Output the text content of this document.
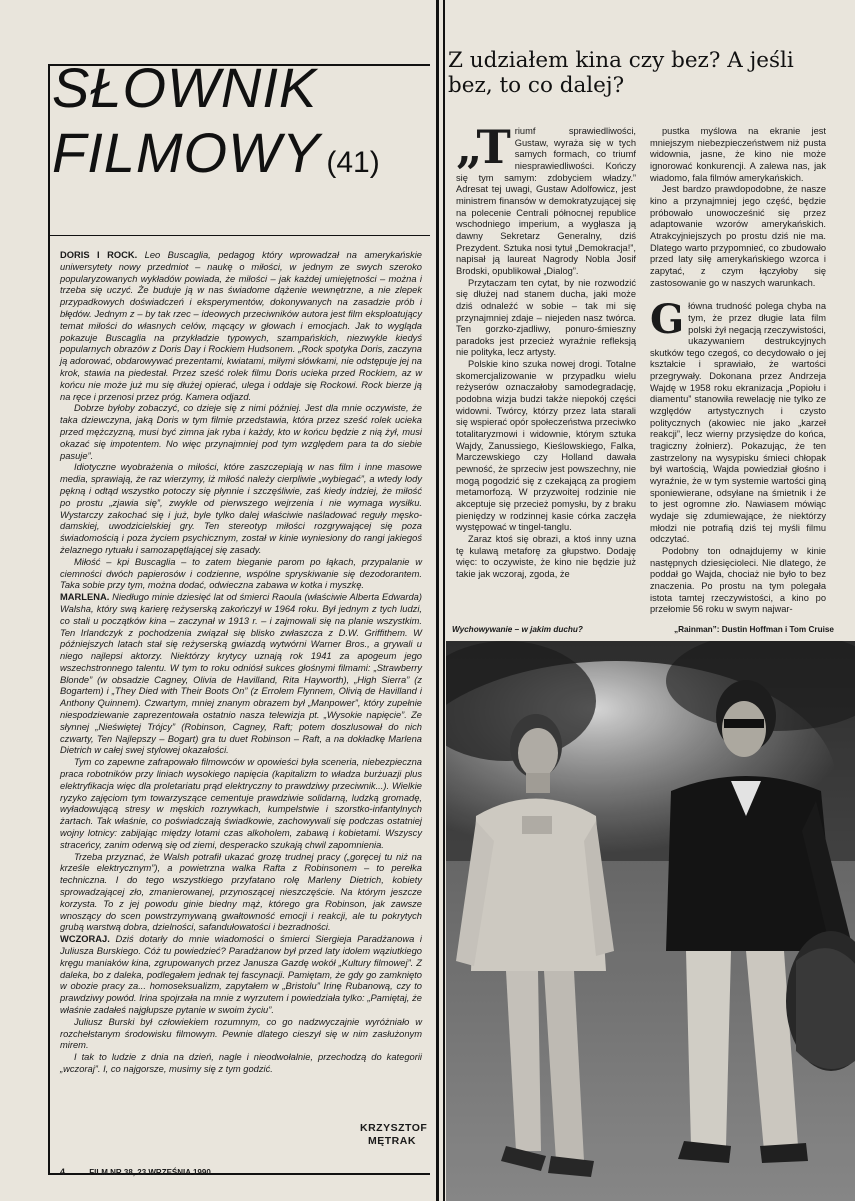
SŁOWNIK
FILMOWY (41)

DORIS I ROCK. Leo Buscaglia, pedagog który wprowadzał na amerykańskie uniwersytety nowy przedmiot – naukę o miłości, w jednym ze swych szeroko popularyzowanych wykładów powiada, że miłości – jak każdej umiejętności – można i trzeba się uczyć. Że buduje ją w nas świadome dążenie wewnętrzne, a nie zlepek przypadkowych doświadczeń i eksperymentów, dokonywanych na zasadzie prób i błędów. Jednym z – by tak rzec – ideowych przeciwników autora jest film eksploatujący temat miłości do własnych celów, mącący w głowach i emocjach. Jak to wygląda pokazuje Buscaglia na przykładzie typowych, szampańskich, niezwykle kiedyś popularnych obrazów z Doris Day i Rockiem Hudsonem. „Rock spotyka Doris, zaczyna ją adorować, obdarowywać prezentami, kwiatami, miłymi słówkami, nie odstępuje jej na krok, stawia na piedestał. Przez sześć rolek filmu Doris ucieka przed Rockiem, az w końcu nie może już mu się dłużej opierać, ulega i oddaje się Rockowi. Rock bierze ją na ręce i przenosi przez próg. Kamera odjazd.

Dobrze byłoby zobaczyć, co dzieje się z nimi później. Jest dla mnie oczywiste, że taka dziewczyna, jaką Doris w tym filmie przedstawia, która przez sześć rolek ucieka przed mężczyzną, musi być zimna jak ryba i każdy, kto w końcu będzie z nią żył, musi okazać się impotentem. No więc przynajmniej pod tym względem para ta do siebie pasuje”.

Idiotyczne wyobrażenia o miłości, które zaszczepiają w nas film i inne masowe media, sprawiają, że raz wierzymy, iż miłość należy cierpliwie „wybiegać”, a wtedy lody pękną i odtąd wszystko potoczy się płynnie i szczęśliwie, zaś kiedy indziej, że miłość po prostu „zjawia się”, zwykle od pierwszego wejrzenia i nie wymaga wysiłku. Wystarczy zakochać się i już, byle tylko dalej właściwie naśladować reguły męsko-damskiej, uwodzicielskiej gry. Ten stereotyp miłości rozgrywającej się poza świadomością i poza życiem psychicznym, został w kinie wyniesiony do rangi jakiegoś żelaznego rytuału i samozapętlającej się zasady.

Miłość – kpi Buscaglia – to zatem bieganie parom po łąkach, przypalanie w ciemności dwóch papierosów i codzienne, wspólne spryskiwanie się dezodorantem. Taka sobie przy tym, można dodać, odwieczna zabawa w kotka i myszkę.

MARLENA. Niedługo minie dziesięć lat od śmierci Raoula (właściwie Alberta Edwarda) Walsha, który swą karierę reżyserską zakończył w 1964 roku. Był jednym z tych ludzi, co stali u początków kina – zaczynał w 1913 r. – i zajmowali się na planie wszystkim. Ten Irlandczyk z pochodzenia związał się blisko zwłaszcza z D.W. Griffithem. W późniejszych latach stał się reżyserską gwiazdą wytwórni Warner Bros., a grywali u niego najlepsi aktorzy. Niektórzy krytycy uznają rok 1941 za apogeum jego wszechstronnego talentu. W tym to roku odniósł sukces głośnymi filmami: „Strawberry Blonde” (w obsadzie Cagney, Olivia de Havilland, Rita Hayworth), „High Sierra” (z Bogartem) i „They Died with Their Boots On” (z Errolem Flynnem, Olivią de Havilland i Anthony Quinnem). Czwartym, mniej znanym obrazem był „Manpower”, który zupełnie niespodziewanie zaprezentowała ostatnio nasza telewizja pt. „Wysokie napięcie”. Ze słynnej „Nieświętej Trójcy” (Robinson, Cagney, Raft; potem doszlusował do nich czwarty, Ten Najlepszy – Bogart) gra tu duet Robinson – Raft, a na dokładkę Marlena Dietrich w całej swej stylowej okazałości.

Tym co zapewne zafrapowało filmowców w opowieści była sceneria, niebezpieczna praca robotników przy liniach wysokiego napięcia (kapitalizm to władza burżuazji plus elektryfikacja więc dla proletariatu prąd elektryczny to prawdziwy przeciwnik...). Wielkie ryzyko zajęciom tym towarzyszące cementuje prawdziwie solidarną, ludzką gromadę, wyładowującą stresy w męskich rozrywkach, kumpelstwie i szorstko-infantylnych żartach. Tak właśnie, co poświadczają świadkowie, zachowywali się podczas ostatniej wojny lotnicy: zabijając między lotami czas alkoholem, zabawą i kobietami. Wszyscy straceńcy, zanim oderwą się od ziemi, desperacko szukają chwil zapomnienia.

Trzeba przyznać, że Walsh potrafił ukazać grozę trudnej pracy („goręcej tu niż na krześle elektrycznym”), a powietrzna walka Rafta z Robinsonem – to perełka techniczna. I do tego wszystkiego przyfatano rolę Marleny Dietrich, kobiety sprowadzającej zło, zmanierowanej, przynoszącej nieszczęście. Na którym jeszcze korzysta. To z jej powodu ginie biedny mąż, którego gra Robinson, jak zawsze wnoszący do scen powstrzymywaną gwałtowność emocji i reakcji, ale tu pokrytych grubą warstwą dobra, dzielności, safandułowatości i bezradności.

WCZORAJ. Dziś dotarły do mnie wiadomości o śmierci Siergieja Paradżanowa i Juliusza Burskiego. Cóż tu powiedzieć? Paradżanow był przed laty idolem wąziutkiego kręgu maniaków kina, zgrupowanych przez Janusza Gazdę wokół „Kultury filmowej”. Z daleka, bo z daleka, podlegałem jednak tej fascynacji. Pamiętam, że gdy go zamknięto w obozie pracy za... homoseksualizm, zapytałem w „Bristolu” Irinę Rubanową, czy to prawdziwy powód. Irina spojrzała na mnie z wyrzutem i powiedziała tylko: „Pamiętaj, że właśnie zadałeś najgłupsze pytanie w swoim życiu”.

Juliusz Burski był człowiekiem rozumnym, co go nadzwyczajnie wyróżniało w rozchełstanym środowisku filmowym. Pewnie dlatego cieszył się w nim zasłużonym mirem.

I tak to ludzie z dnia na dzień, nagle i nieodwołalnie, przechodzą do kategorii „wczoraj”. I, co najgorsze, musimy się z tym godzić.

KRZYSZTOF
MĘTRAK
4	FILM NR 38, 23 WRZEŚNIA 1990
Z udziałem kina czy bez? A jeśli bez, to co dalej?

„Triumf sprawiedliwości, Gustaw, wyraża się w tych samych formach, co triumf niesprawiedliwości. Kończy się tym samym: zdobyciem władzy.” Adresat tej uwagi, Gustaw Adolfowicz, jest ministrem finansów w demokratyzującej się na polecenie Centrali północnej republice wschodniego imperium, a wygłasza ją dawny Sekretarz Generalny, dziś Prezydent. Sztuka nosi tytuł „Demokracja!”, napisał ją laureat Nagrody Nobla Josif Brodski, opublikował „Dialog”.

Przytaczam ten cytat, by nie rozwodzić się dłużej nad stanem ducha, jaki może dziś odnaleźć w sobie – tak mi się przynajmniej zdaje – niejeden nasz twórca. Ten gorzko-zjadliwy, ponuro-śmieszny paradoks jest przecież wyraźnie refleksją nie polityka, lecz artysty.

Polskie kino szuka nowej drogi. Totalne skomercjalizowanie w przypadku wielu reżyserów oznaczałoby samodegradację, podobna wizja budzi także niepokój części widowni. Twórcy, którzy przez lata starali się wspierać opór społeczeństwa przeciwko totalitaryzmowi i widownie, którym sztuka Wajdy, Zanussiego, Kieślowskiego, Falka, Marczewskiego czy Holland dawała pewność, że sprzeciw jest powszechny, nie mogą pogodzić się z czekającą za progiem metamorfozą. W przyzwoitej rodzinie nie akceptuje się przecież pomysłu, by z braku pieniędzy w rodzinnej kasie córka zaczęła występować w tingel-tanglu.

Zaraz ktoś się obrazi, a ktoś inny uzna tę kulawą metaforę za głupstwo. Dodaję więc: to oczywiste, że kino nie będzie już takie jak wczoraj, zgoda, że

pustka myślowa na ekranie jest mniejszym niebezpieczeństwem niż pusta widownia, jasne, że kino nie może ignorować konkurencji. A zalewa nas, jak wiadomo, fala filmów amerykańskich.

Jest bardzo prawdopodobne, że nasze kino a przynajmniej jego część, będzie próbowało unowocześnić się przez adaptowanie wzorów amerykańskich. Atrakcyjniejszych po prostu dziś nie ma. Dlatego warto przypomnieć, co zbudowało przed laty siłę amerykańskiego wzorca i zapytać, z czym łączyłoby się zastosowanie go w naszych warunkach.

Główna trudność polega chyba na tym, że przez długie lata film polski żył negacją rzeczywistości, ukazywaniem destrukcyjnych skutków tego czegoś, co decydowało o jej kształcie i sprawiało, że wartości przegrywały. Dokonana przez Andrzeja Wajdę w 1958 roku ekranizacja „Popiołu i diamentu” stanowiła rewelację nie tylko ze względów artystycznych i czysto politycznych (akowiec nie jako „karzeł reakcji”, lecz wierny przysiędze do końca, tragiczny żołnierz). Pokazując, że ten zastrzelony na wysypisku śmieci chłopak był wartością, Wajda powiedział głośno i wyraźnie, że w tym systemie wartości giną sponiewierane, odsyłane na śmietnik i że to jest ogromne zło. Nawiasem mówiąc wydaje się zdumiewające, że niektórzy młodzi nie potrafią dziś tej myśli filmu odczytać.

Podobny ton odnajdujemy w kinie następnych dziesięcioleci. Nie dlatego, że poddał go Wajda, chociaż nie było to bez znaczenia. Po prostu na tym polegała istota tamtej rzeczywistości, a kino po przełomie 56 roku w swym najwar-

Wychowywanie – w jakim duchu?	„Rainman”: Dustin Hoffman i Tom Cruise
